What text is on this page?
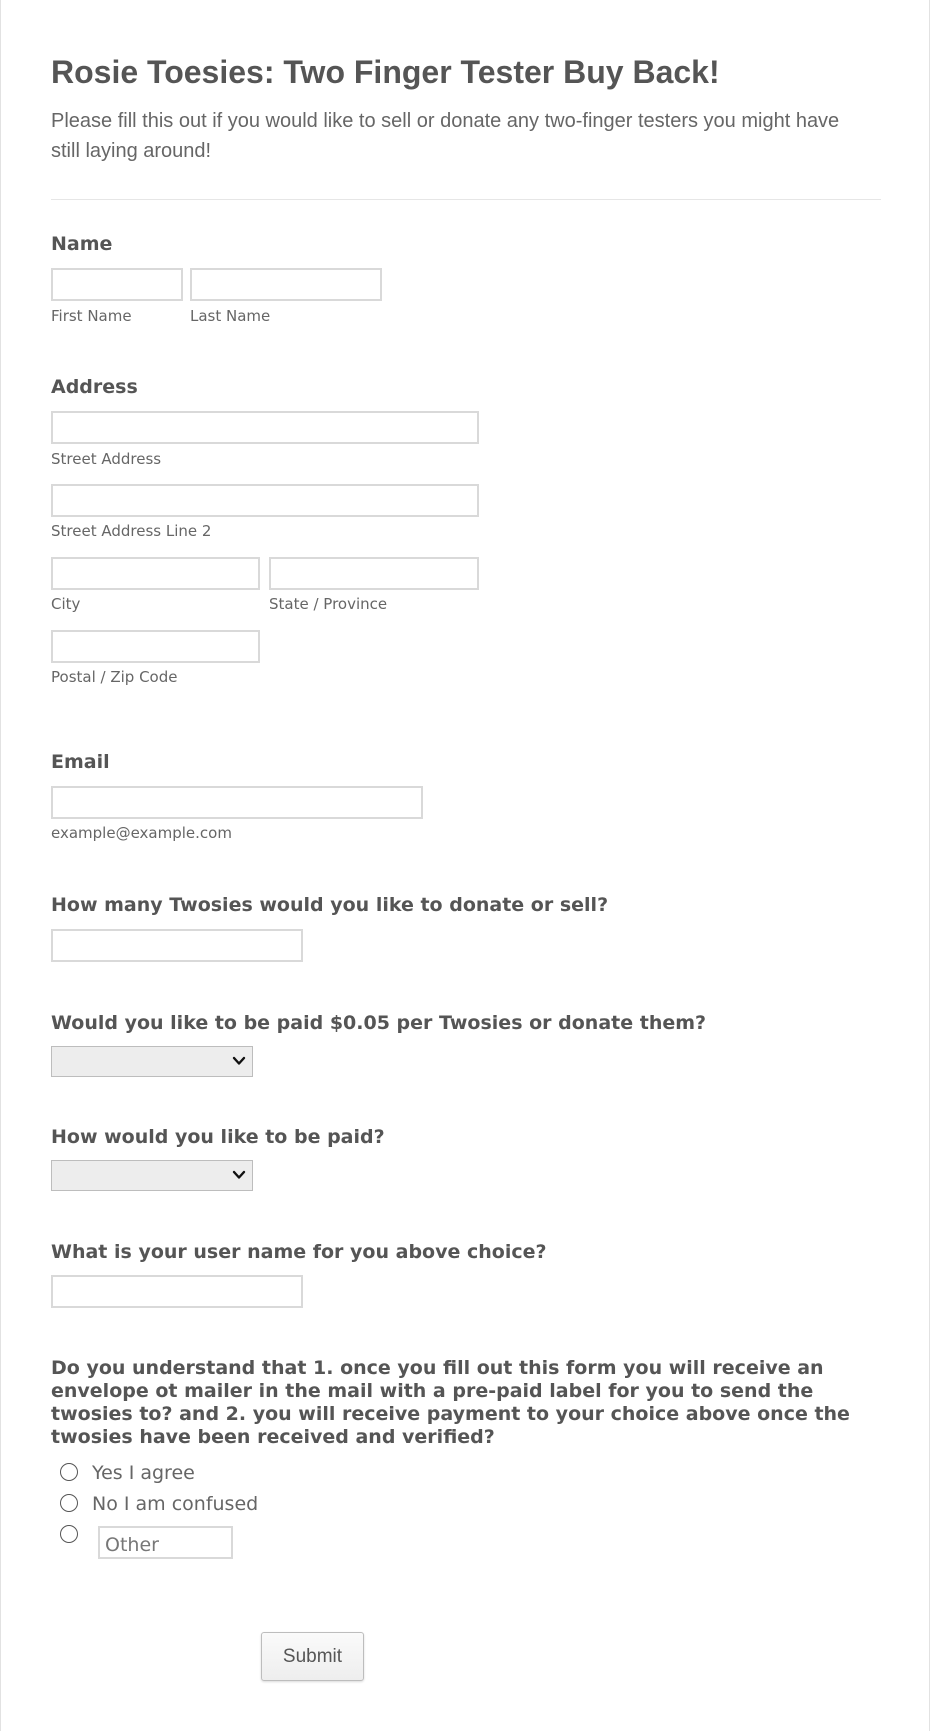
Rosie Toesies: Two Finger Tester Buy Back!
Please fill this out if you would like to sell or donate any two-finger testers you might have still laying around!
Name
First Name	Last Name
Address
Street Address
Street Address Line 2
City	State / Province
Postal / Zip Code
Email
example@example.com
How many Twosies would you like to donate or sell?
Would you like to be paid $0.05 per Twosies or donate them?
How would you like to be paid?
What is your user name for you above choice?
Do you understand that 1. once you fill out this form you will receive an envelope ot mailer in the mail with a pre-paid label for you to send the twosies to? and 2. you will receive payment to your choice above once the twosies have been received and verified?
Yes I agree
No I am confused
Other
Submit
